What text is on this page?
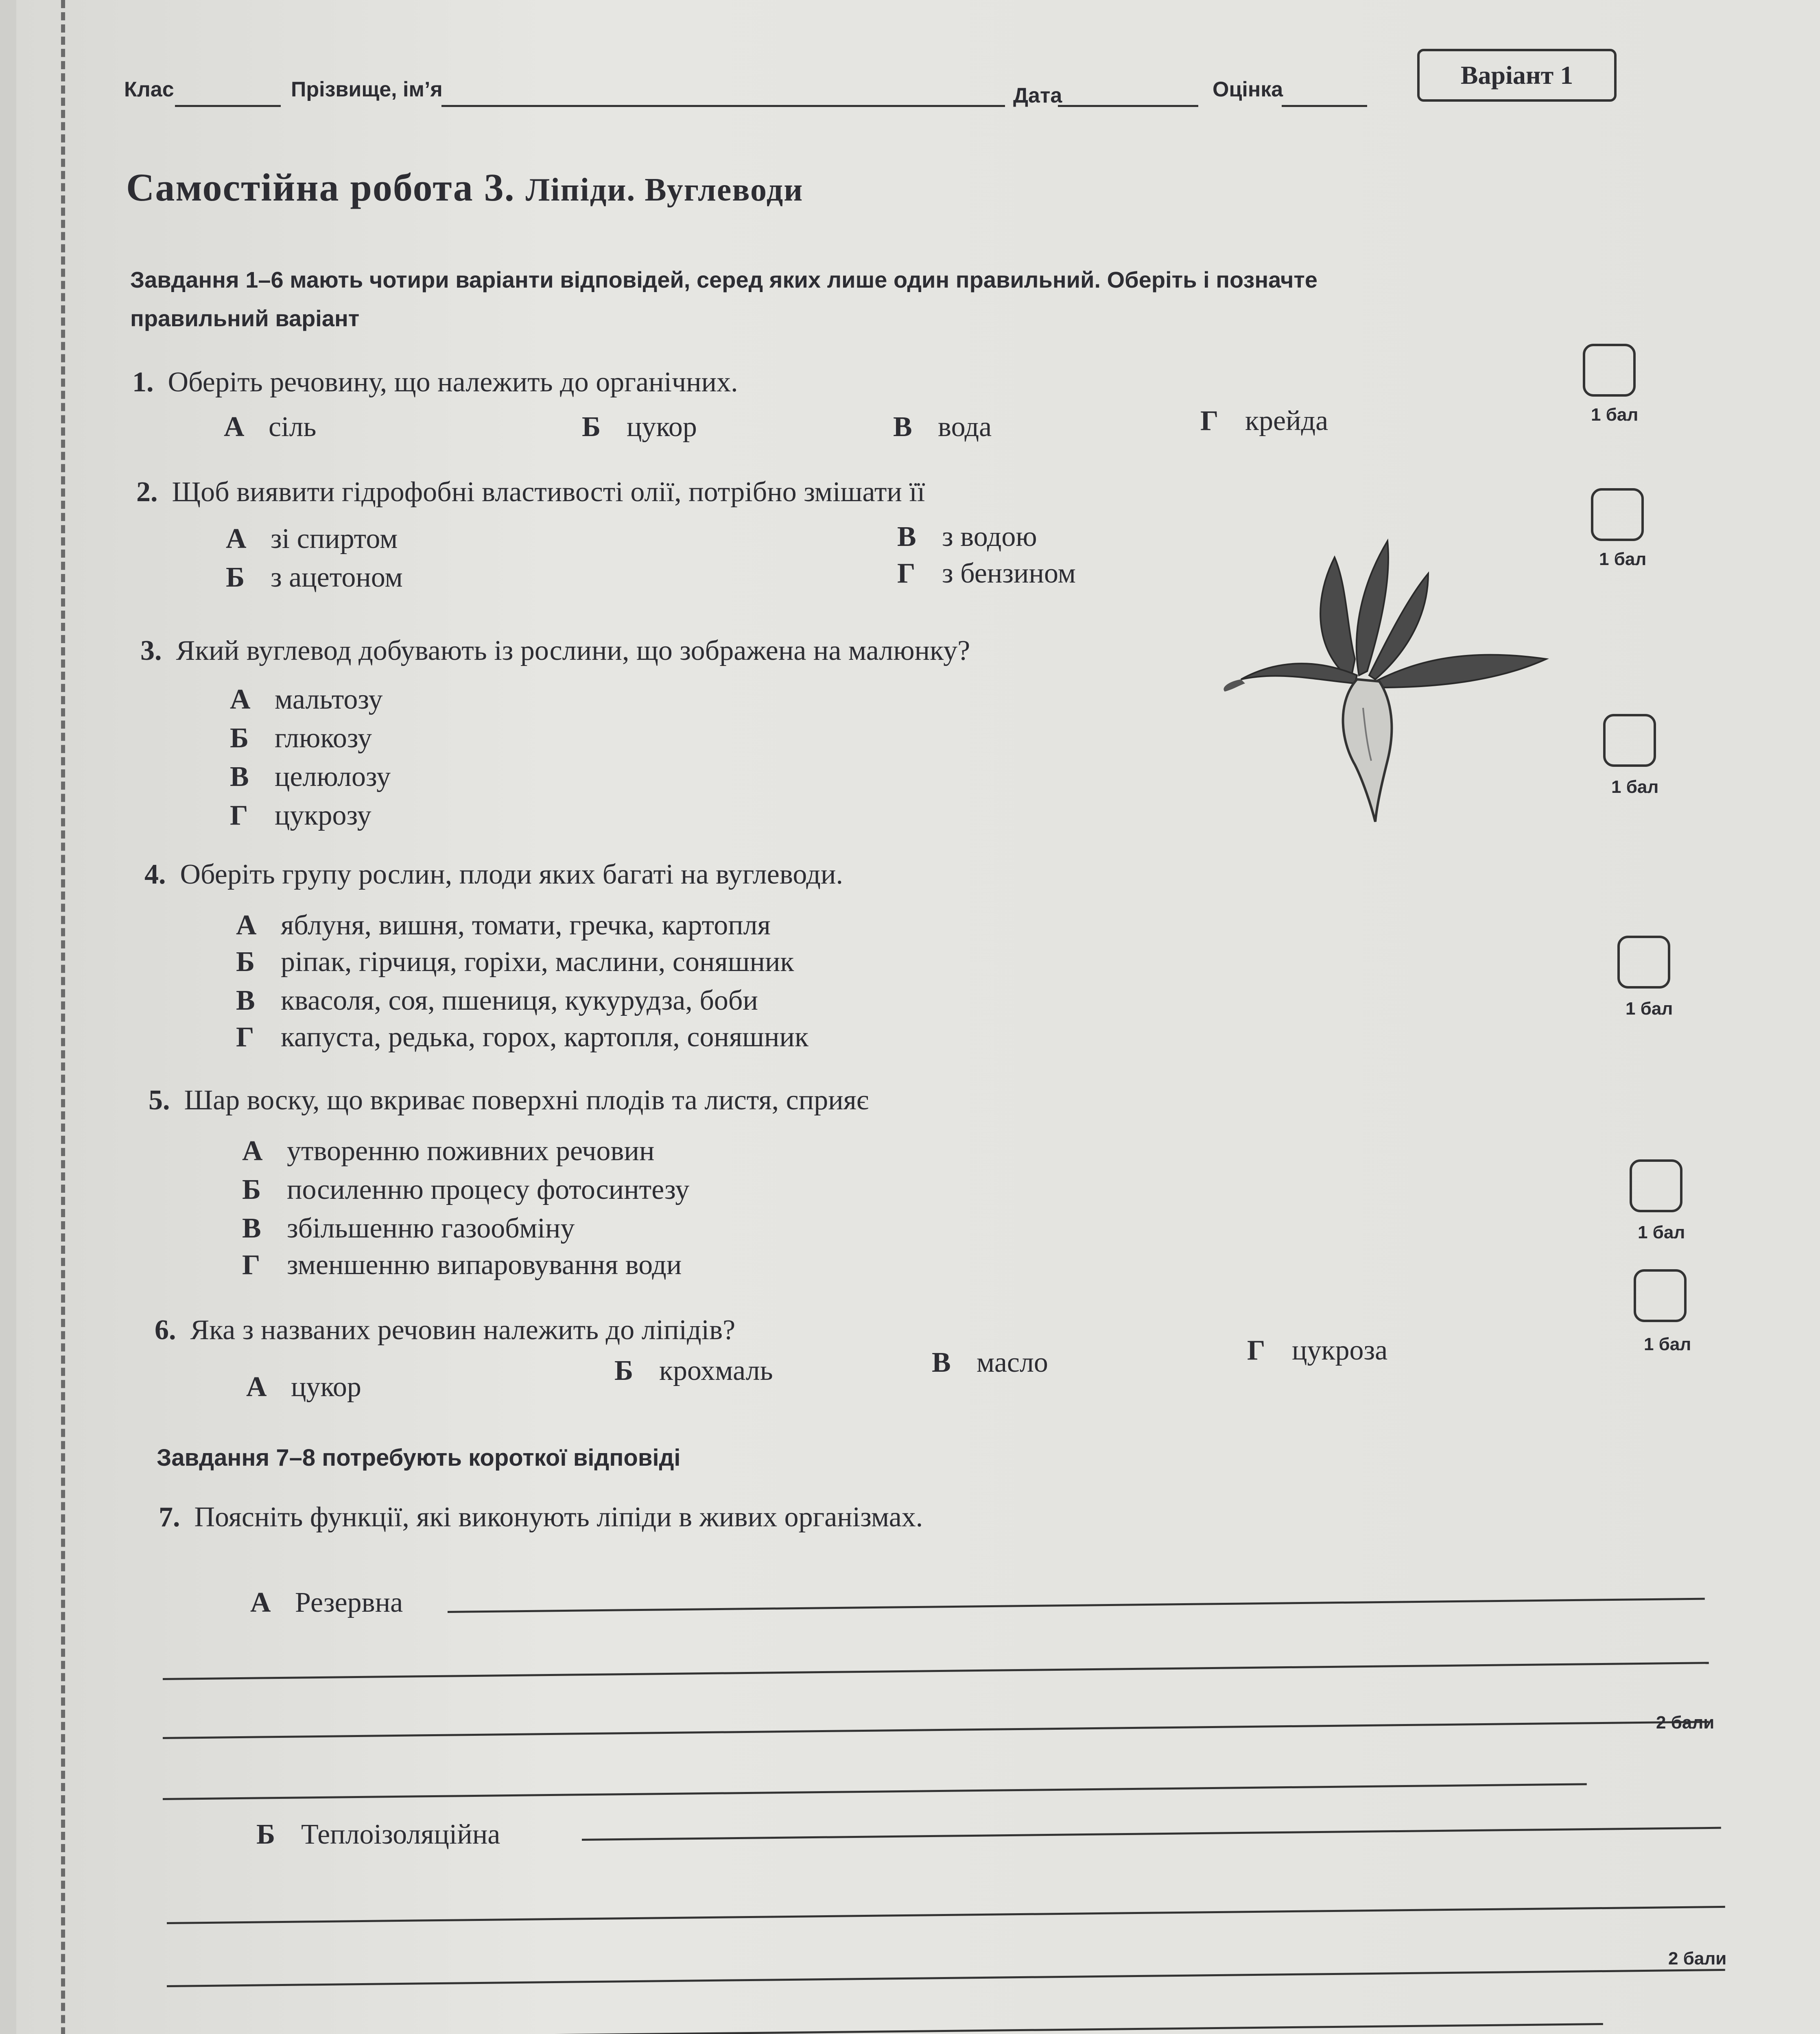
Клас	Прізвище, ім’я	Дата	Оцінка	Варіант 1
Самостійна робота 3. Ліпіди. Вуглеводи
Завдання 1–6 мають чотири варіанти відповідей, серед яких лише один правильний. Оберіть і позначте
правильний варіант
1. Оберіть речовину, що належить до органічних.
А сіль	Б цукор	В вода	Г крейда	1 бал
2. Щоб виявити гідрофобні властивості олії, потрібно змішати її
А зі спиртом
Б з ацетоном
В з водою
Г з бензином	1 бал
3. Який вуглевод добувають із рослини, що зображена на малюнку?
А мальтозу
Б глюкозу
В целюлозу
Г цукрозу
1 бал
4. Оберіть групу рослин, плоди яких багаті на вуглеводи.
А яблуня, вишня, томати, гречка, картопля
Б ріпак, гірчиця, горіхи, маслини, соняшник
В квасоля, соя, пшениця, кукурудза, боби
Г капуста, редька, горох, картопля, соняшник
1 бал
5. Шар воску, що вкриває поверхні плодів та листя, сприяє
А утворенню поживних речовин
Б посиленню процесу фотосинтезу
В збільшенню газообміну
Г зменшенню випаровування води
1 бал
6. Яка з названих речовин належить до ліпідів?
А цукор
Б крохмаль	В масло	Г цукроза	1 бал
Завдання 7–8 потребують короткої відповіді
7. Поясніть функції, які виконують ліпіди в живих організмах.
А Резервна
2 бали
Б Теплоізоляційна
2 бали
